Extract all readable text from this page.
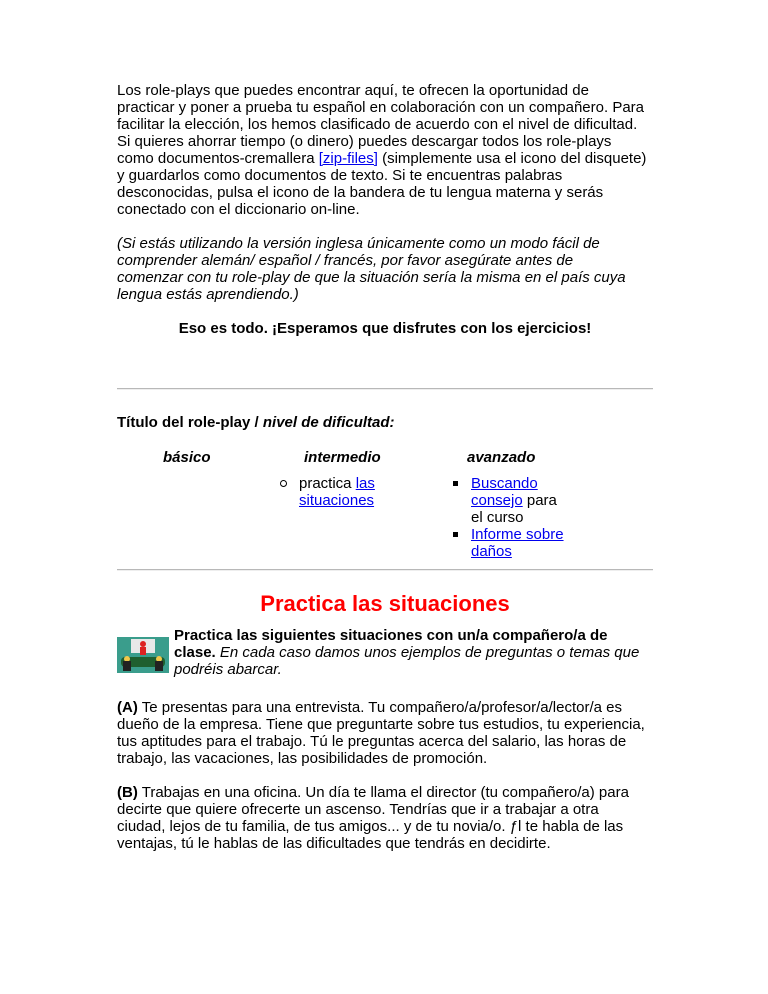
Los role-plays que puedes encontrar aquí, te ofrecen la oportunidad de practicar y poner a prueba tu español en colaboración con un compañero. Para facilitar la elección, los hemos clasificado de acuerdo con el nivel de dificultad. Si quieres ahorrar tiempo (o dinero) puedes descargar todos los role-plays como documentos-cremallera [zip-files] (simplemente usa el icono del disquete) y guardarlos como documentos de texto. Si te encuentras palabras desconocidas, pulsa el icono de la bandera de tu lengua materna y serás conectado con el diccionario on-line.

(Si estás utilizando la versión inglesa únicamente como un modo fácil de comprender alemán/ español / francés, por favor asegúrate antes de comenzar con tu role-play de que la situación sería la misma en el país cuya lengua estás aprendiendo.)

Eso es todo. ¡Esperamos que disfrutes con los ejercicios!

Título del role-play / nivel de dificultad:

básico	intermedio	avanzado
practica las situaciones
Buscando consejo para el curso
Informe sobre daños
Practica las situaciones

Practica las siguientes situaciones con un/a compañero/a de clase. En cada caso damos unos ejemplos de preguntas o temas que podréis abarcar.

(A) Te presentas para una entrevista. Tu compañero/a/profesor/a/lector/a es dueño de la empresa. Tiene que preguntarte sobre tus estudios, tu experiencia, tus aptitudes para el trabajo. Tú le preguntas acerca del salario, las horas de trabajo, las vacaciones, las posibilidades de promoción.

(B) Trabajas en una oficina. Un día te llama el director (tu compañero/a) para decirte que quiere ofrecerte un ascenso. Tendrías que ir a trabajar a otra ciudad, lejos de tu familia, de tus amigos... y de tu novia/o. ƒl te habla de las ventajas, tú le hablas de las dificultades que tendrás en decidirte.
